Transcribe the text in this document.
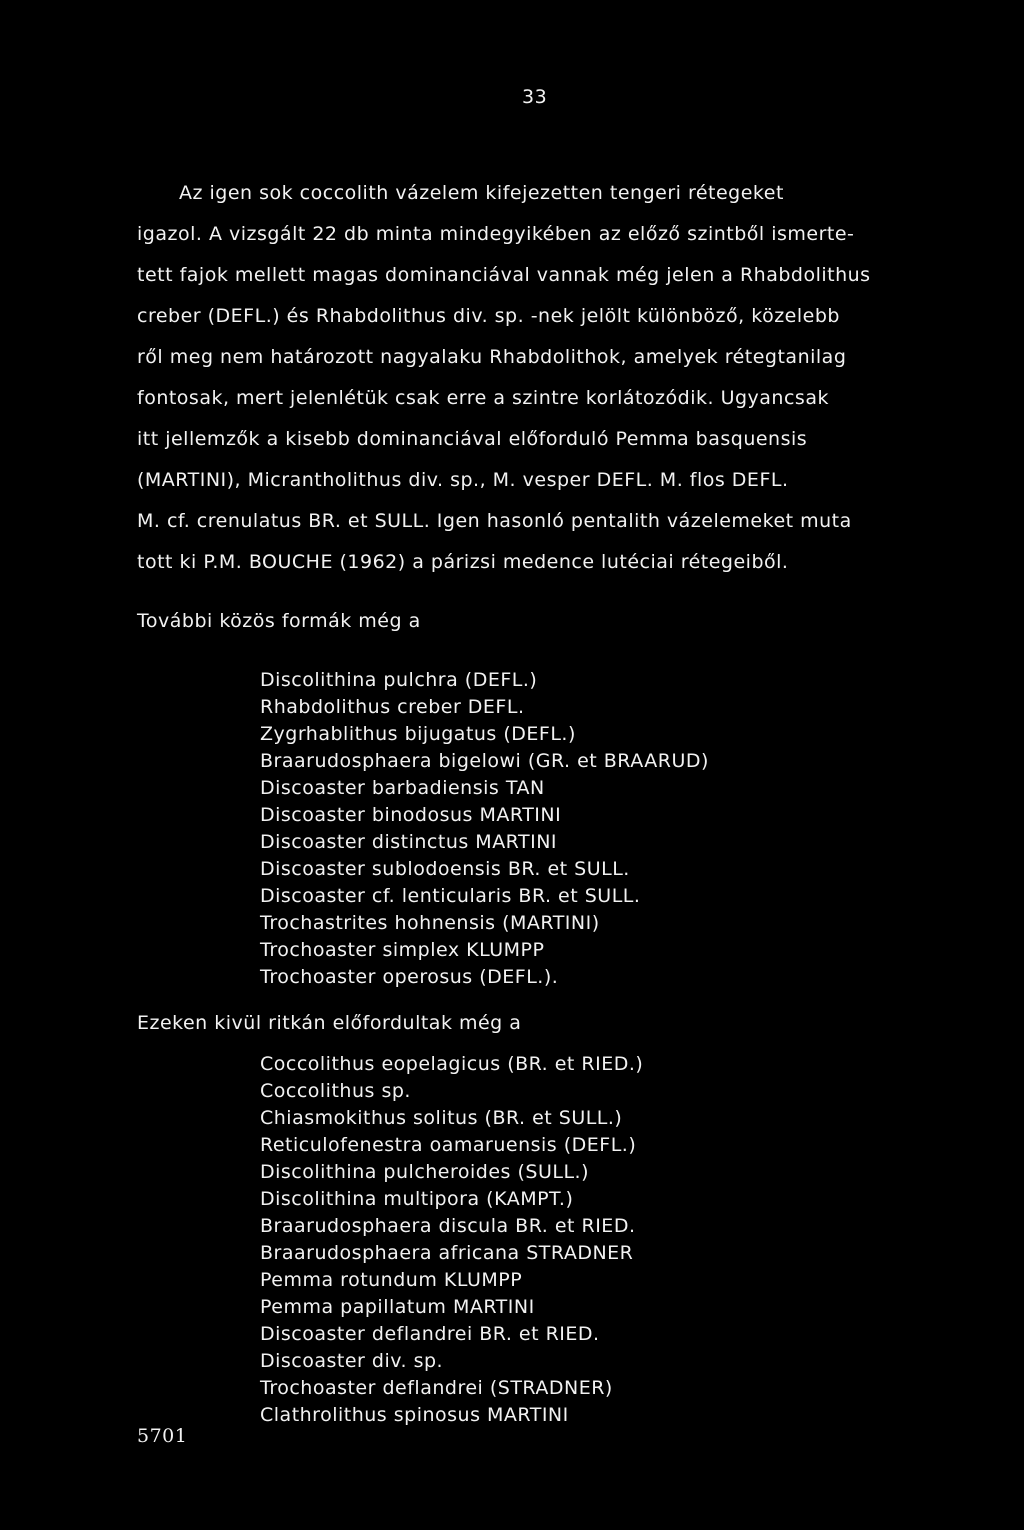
33
Az igen sok coccolith vázelem kifejezetten tengeri rétegeket
igazol. A vizsgált 22 db minta mindegyikében az előző szintből ismerte-
tett fajok mellett magas dominanciával vannak még jelen a Rhabdolithus
creber (DEFL.) és Rhabdolithus div. sp. -nek jelölt különböző, közelebb
ről meg nem határozott nagyalaku Rhabdolithok, amelyek rétegtanilag
fontosak, mert jelenlétük csak erre a szintre korlátozódik. Ugyancsak
itt jellemzők a kisebb dominanciával előforduló Pemma basquensis
(MARTINI), Micrantholithus div. sp., M. vesper DEFL. M. flos DEFL.
M. cf. crenulatus BR. et SULL. Igen hasonló pentalith vázelemeket muta
tott ki P.M. BOUCHE (1962) a párizsi medence lutéciai rétegeiből.
További közös formák még a
Discolithina pulchra (DEFL.)
Rhabdolithus creber DEFL.
Zygrhablithus bijugatus (DEFL.)
Braarudosphaera bigelowi (GR. et BRAARUD)
Discoaster barbadiensis TAN
Discoaster binodosus MARTINI
Discoaster distinctus MARTINI
Discoaster sublodoensis BR. et SULL.
Discoaster cf. lenticularis BR. et SULL.
Trochastrites hohnensis (MARTINI)
Trochoaster simplex KLUMPP
Trochoaster operosus (DEFL.).
Ezeken kivül ritkán előfordultak még a
Coccolithus eopelagicus (BR. et RIED.)
Coccolithus sp.
Chiasmokithus solitus (BR. et SULL.)
Reticulofenestra oamaruensis (DEFL.)
Discolithina pulcheroides (SULL.)
Discolithina multipora (KAMPT.)
Braarudosphaera discula BR. et RIED.
Braarudosphaera africana STRADNER
Pemma rotundum KLUMPP
Pemma papillatum MARTINI
Discoaster deflandrei BR. et RIED.
Discoaster div. sp.
Trochoaster deflandrei (STRADNER)
Clathrolithus spinosus MARTINI
5701
